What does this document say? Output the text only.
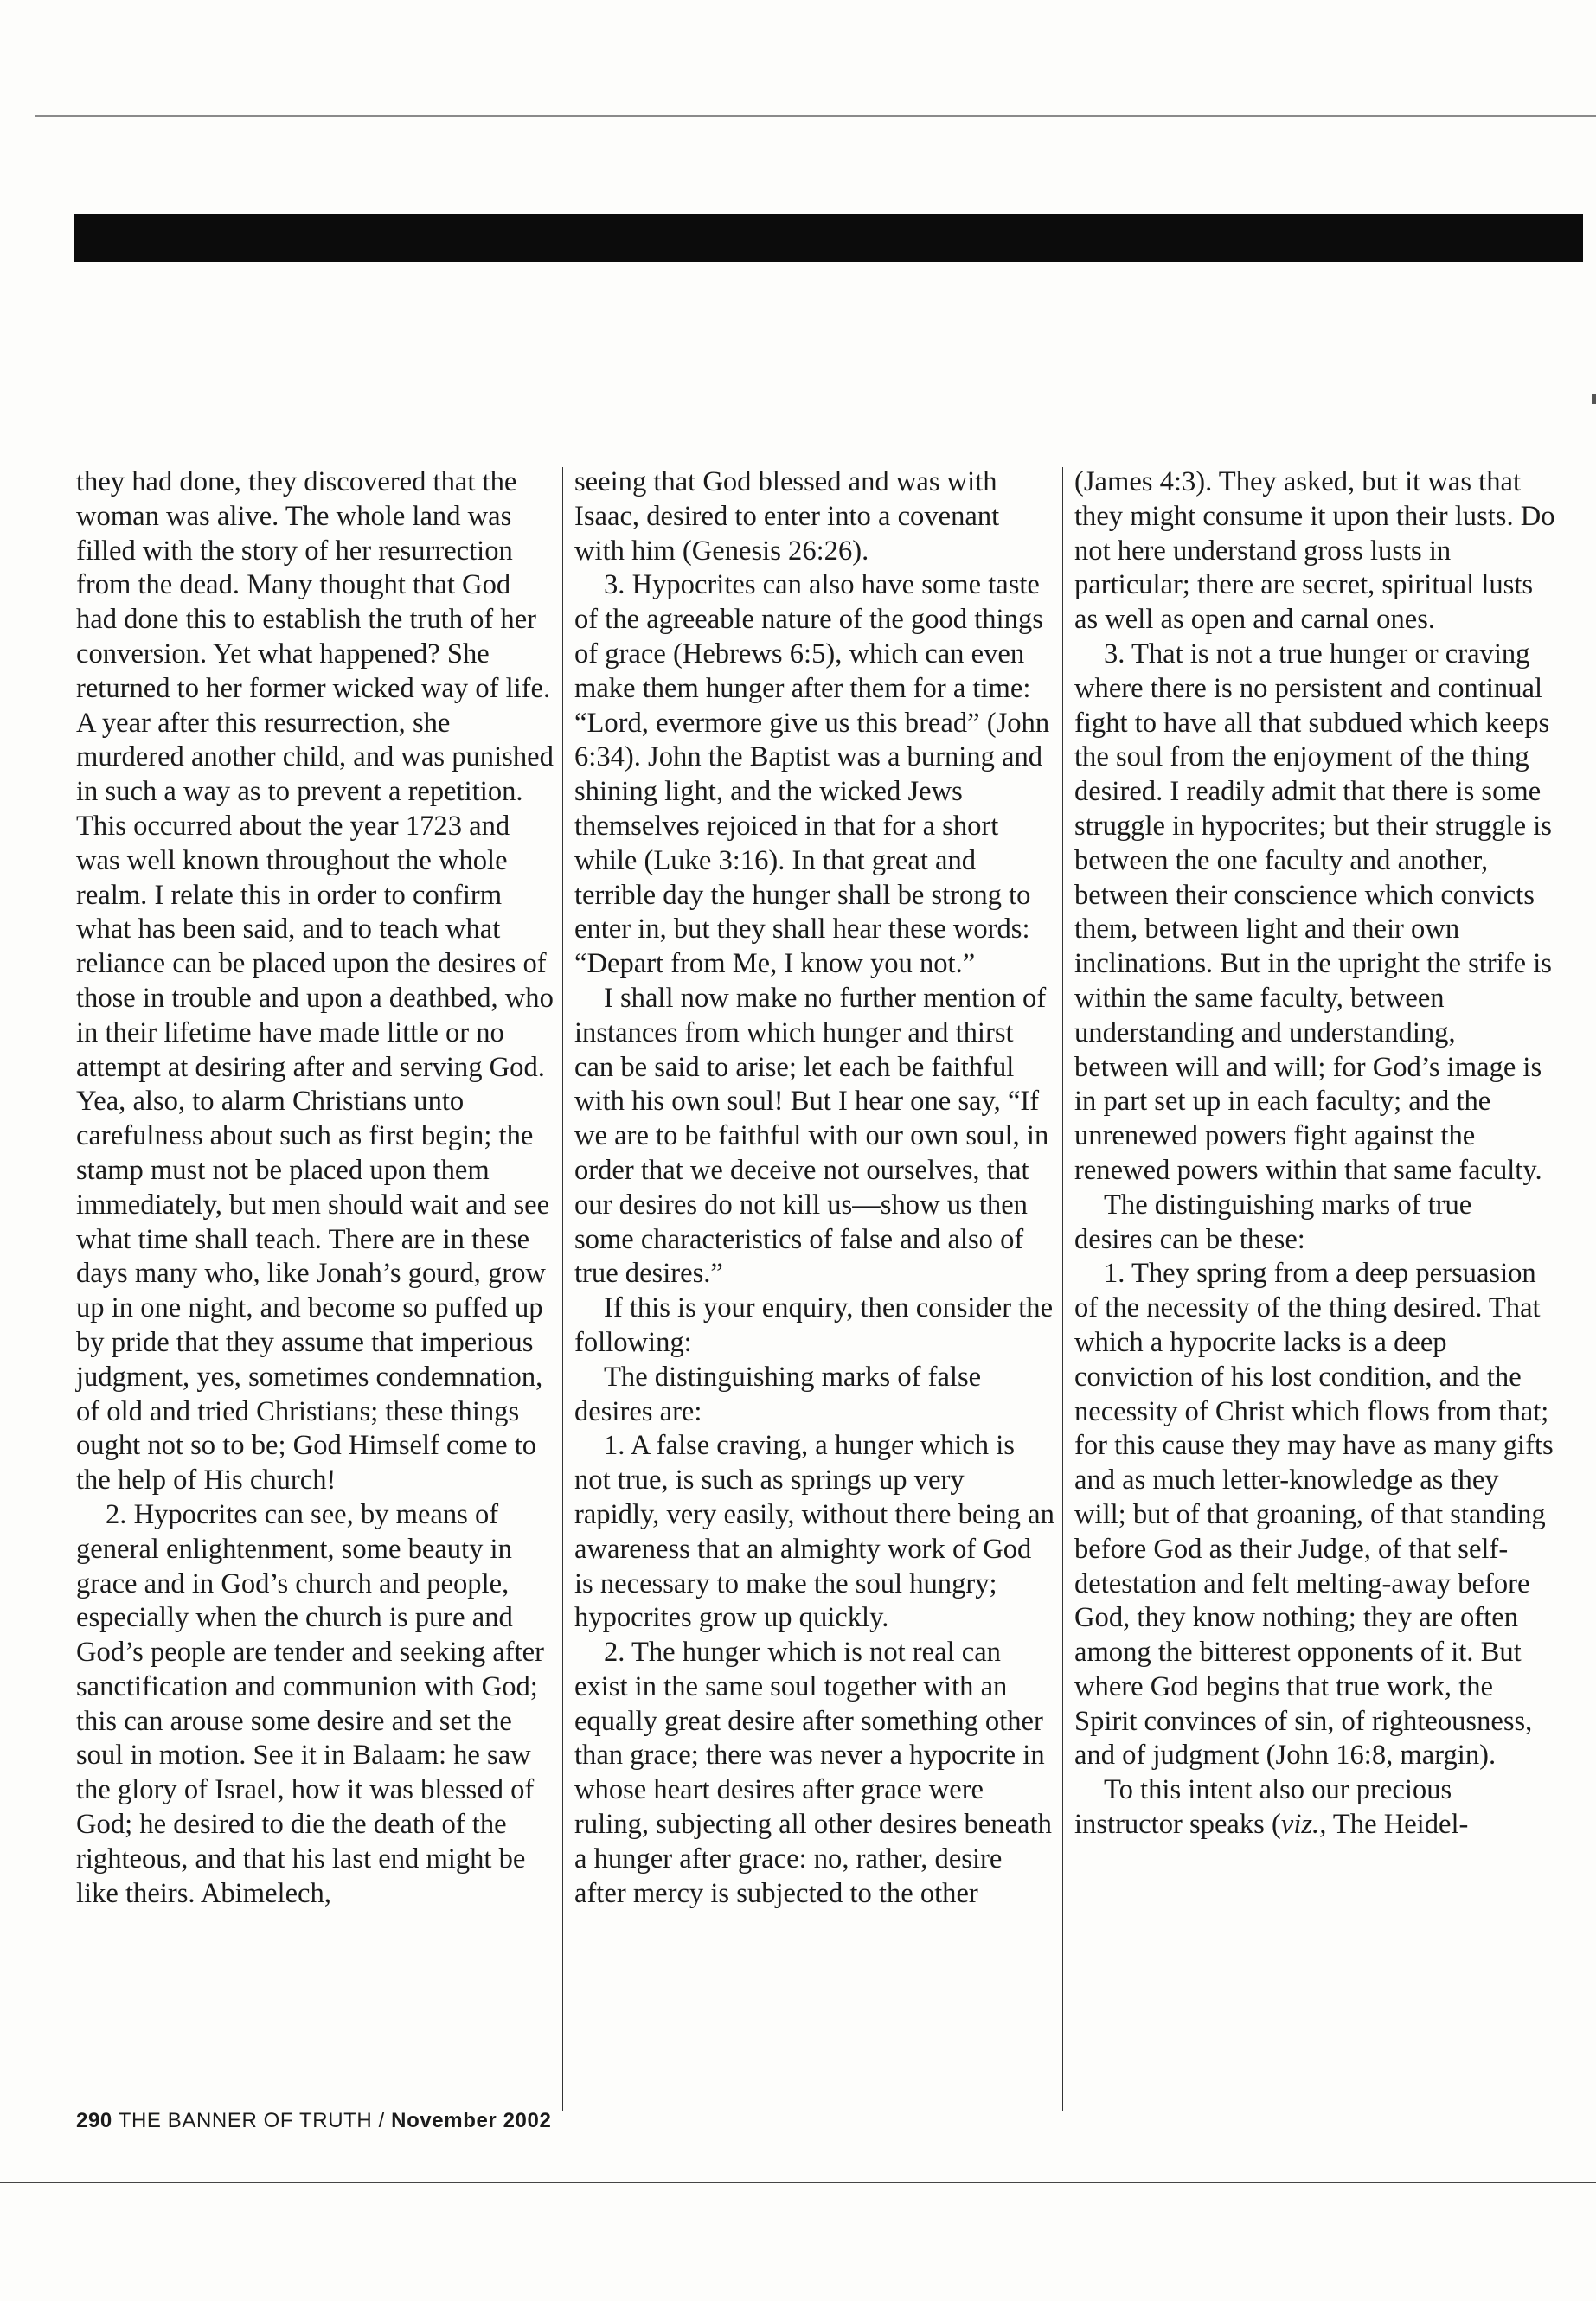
they had done, they discovered that the woman was alive. The whole land was filled with the story of her resurrection from the dead. Many thought that God had done this to establish the truth of her conversion. Yet what happened? She returned to her former wicked way of life. A year after this resurrection, she murdered another child, and was punished in such a way as to prevent a repetition. This occurred about the year 1723 and was well known throughout the whole realm. I relate this in order to confirm what has been said, and to teach what reliance can be placed upon the desires of those in trouble and upon a deathbed, who in their lifetime have made little or no attempt at desiring after and serving God. Yea, also, to alarm Christians unto carefulness about such as first begin; the stamp must not be placed upon them immediately, but men should wait and see what time shall teach. There are in these days many who, like Jonah’s gourd, grow up in one night, and become so puffed up by pride that they assume that imperious judgment, yes, sometimes condemnation, of old and tried Christians; these things ought not so to be; God Himself come to the help of His church!

2. Hypocrites can see, by means of general enlightenment, some beauty in grace and in God’s church and people, especially when the church is pure and God’s people are tender and seeking after sanctification and communion with God; this can arouse some desire and set the soul in motion. See it in Balaam: he saw the glory of Israel, how it was blessed of God; he desired to die the death of the righteous, and that his last end might be like theirs. Abimelech,

seeing that God blessed and was with Isaac, desired to enter into a covenant with him (Genesis 26:26).

3. Hypocrites can also have some taste of the agreeable nature of the good things of grace (Hebrews 6:5), which can even make them hunger after them for a time: “Lord, evermore give us this bread” (John 6:34). John the Baptist was a burning and shining light, and the wicked Jews themselves rejoiced in that for a short while (Luke 3:16). In that great and terrible day the hunger shall be strong to enter in, but they shall hear these words: “Depart from Me, I know you not.”

I shall now make no further mention of instances from which hunger and thirst can be said to arise; let each be faithful with his own soul! But I hear one say, “If we are to be faithful with our own soul, in order that we deceive not ourselves, that our desires do not kill us—show us then some characteristics of false and also of true desires.”

If this is your enquiry, then consider the following:

The distinguishing marks of false desires are:

1. A false craving, a hunger which is not true, is such as springs up very rapidly, very easily, without there being an awareness that an almighty work of God is necessary to make the soul hungry; hypocrites grow up quickly.

2. The hunger which is not real can exist in the same soul together with an equally great desire after something other than grace; there was never a hypocrite in whose heart desires after grace were ruling, subjecting all other desires beneath a hunger after grace: no, rather, desire after mercy is subjected to the other

(James 4:3). They asked, but it was that they might consume it upon their lusts. Do not here understand gross lusts in particular; there are secret, spiritual lusts as well as open and carnal ones.

3. That is not a true hunger or craving where there is no persistent and continual fight to have all that subdued which keeps the soul from the enjoyment of the thing desired. I readily admit that there is some struggle in hypocrites; but their struggle is between the one faculty and another, between their conscience which convicts them, between light and their own inclinations. But in the upright the strife is within the same faculty, between understanding and understanding, between will and will; for God’s image is in part set up in each faculty; and the unrenewed powers fight against the renewed powers within that same faculty.

The distinguishing marks of true desires can be these:

1. They spring from a deep persuasion of the necessity of the thing desired. That which a hypocrite lacks is a deep conviction of his lost condition, and the necessity of Christ which flows from that; for this cause they may have as many gifts and as much letter-knowledge as they will; but of that groaning, of that standing before God as their Judge, of that self-detestation and felt melting-away before God, they know nothing; they are often among the bitterest opponents of it. But where God begins that true work, the Spirit convinces of sin, of righteousness, and of judgment (John 16:8, margin).

To this intent also our precious instructor speaks (viz., The Heidel-

290 THE BANNER OF TRUTH / November 2002
